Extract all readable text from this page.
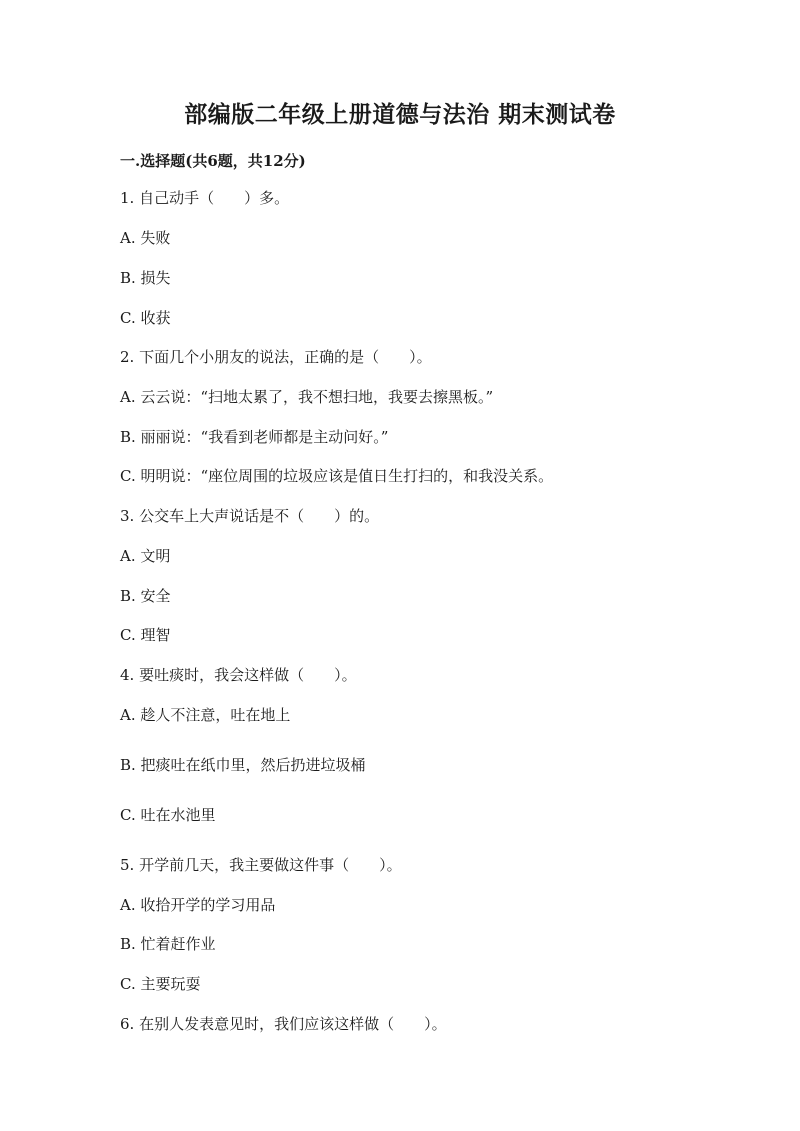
部编版二年级上册道德与法治 期末测试卷
一.选择题(共6题，共12分)
1. 自己动手（　　）多。
A. 失败
B. 损失
C. 收获
2. 下面几个小朋友的说法，正确的是（　　）。
A. 云云说：“扫地太累了，我不想扫地，我要去擦黑板。”
B. 丽丽说：“我看到老师都是主动问好。”
C. 明明说：“座位周围的垃圾应该是值日生打扫的，和我没关系。
3. 公交车上大声说话是不（　　）的。
A. 文明
B. 安全
C. 理智
4. 要吐痰时，我会这样做（　　）。
A. 趁人不注意，吐在地上
B. 把痰吐在纸巾里，然后扔进垃圾桶
C. 吐在水池里
5. 开学前几天，我主要做这件事（　　）。
A. 收拾开学的学习用品
B. 忙着赶作业
C. 主要玩耍
6. 在别人发表意见时，我们应该这样做（　　）。
